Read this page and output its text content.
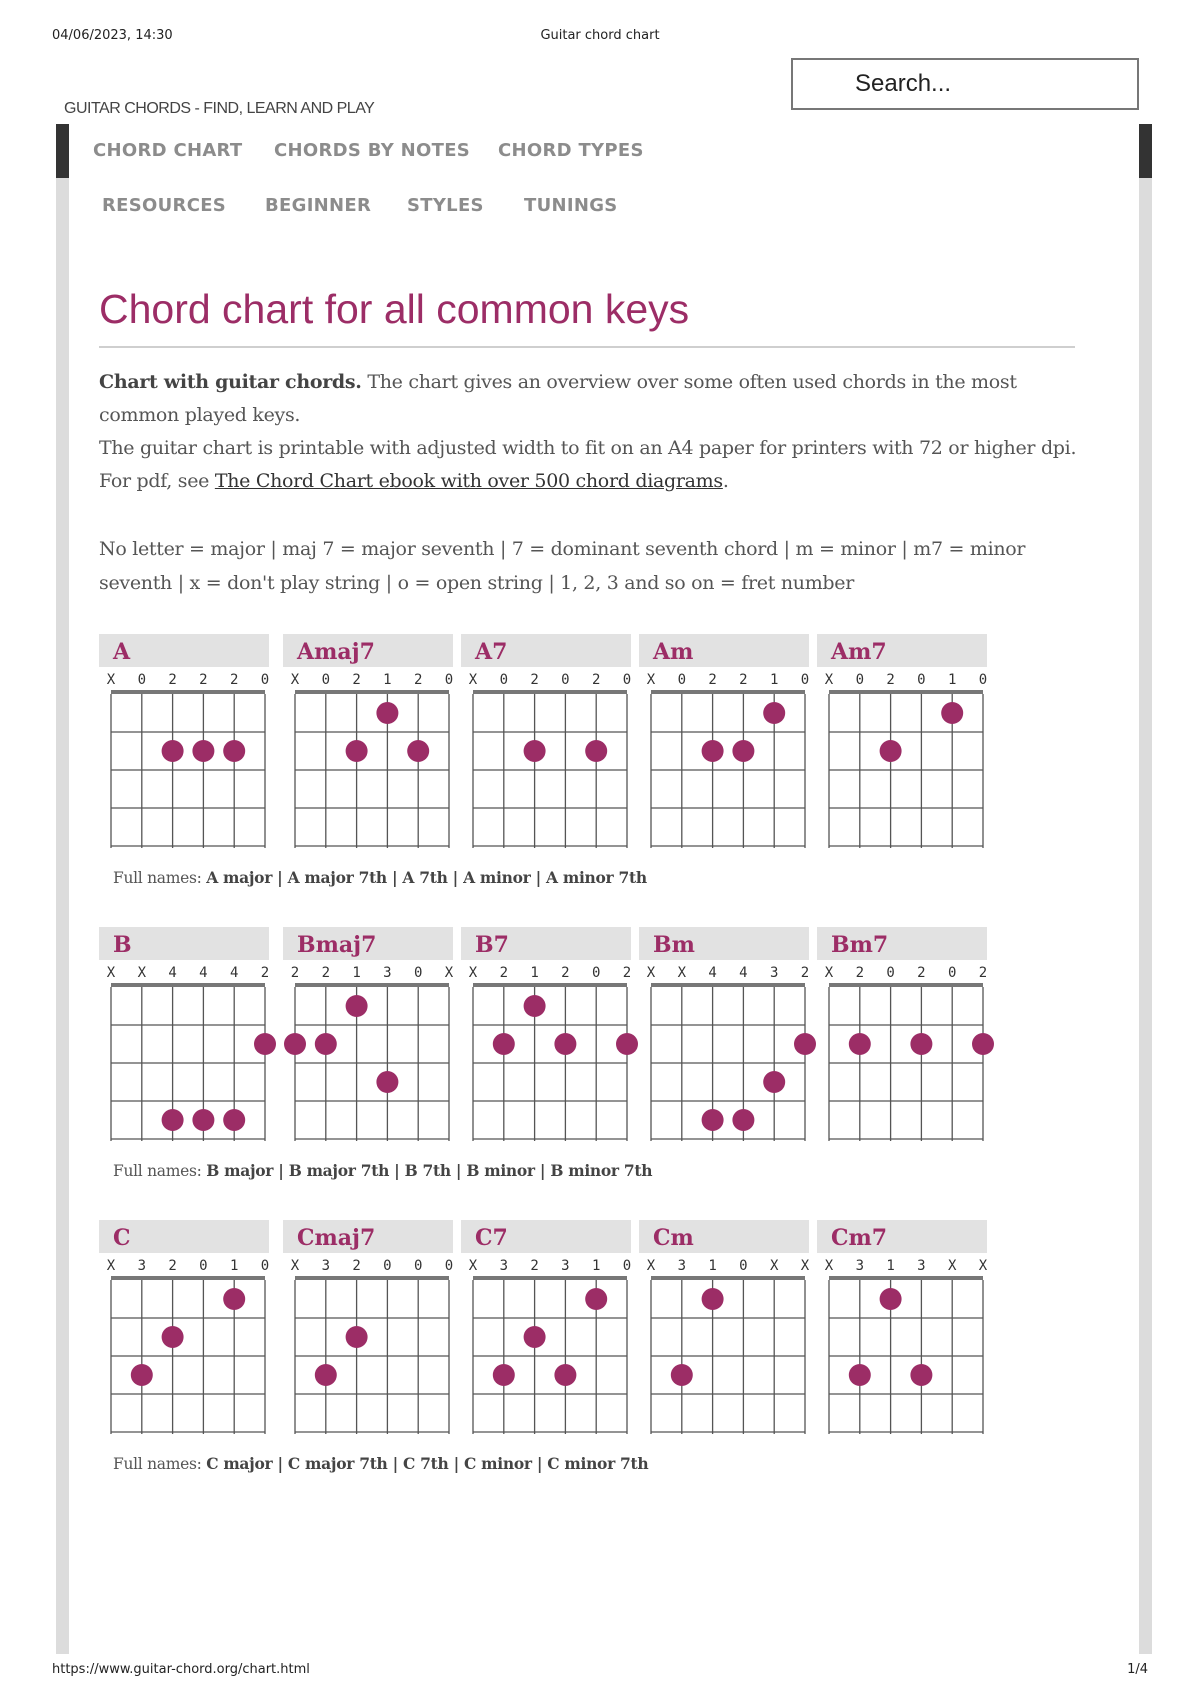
04/06/2023, 14:30	Guitar chord chart
Search...
GUITAR CHORDS - FIND, LEARN AND PLAY
CHORD CHART CHORDS BY NOTES CHORD TYPES
RESOURCES BEGINNER STYLES TUNINGS
Chord chart for all common keys

Chart with guitar chords. The chart gives an overview over some often used chords in the most common played keys.

The guitar chart is printable with adjusted width to fit on an A4 paper for printers with 72 or higher dpi.

For pdf, see The Chord Chart ebook with over 500 chord diagrams.

No letter = major | maj 7 = major seventh | 7 = dominant seventh chord | m = minor | m7 = minor seventh | x = don't play string | o = open string | 1, 2, 3 and so on = fret number
A
X 0 2 2 2 0
Amaj7
X 0 2 1 2 0
A7
X 0 2 0 2 0
Am
X 0 2 2 1 0
Am7
X 0 2 0 1 0
B
X X 4 4 4 2
Bmaj7
2 2 1 3 0 X
B7
X 2 1 2 0 2
Bm
X X 4 4 3 2
Bm7
X 2 0 2 0 2
C
X 3 2 0 1 0
Cmaj7
X 3 2 0 0 0
C7
X 3 2 3 1 0
Cm
X 3 1 0 X X
Cm7
X 3 1 3 X X
Full names: A major | A major 7th | A 7th | A minor | A minor 7th
Full names: B major | B major 7th | B 7th | B minor | B minor 7th
Full names: C major | C major 7th | C 7th | C minor | C minor 7th
https://www.guitar-chord.org/chart.html	1/4
